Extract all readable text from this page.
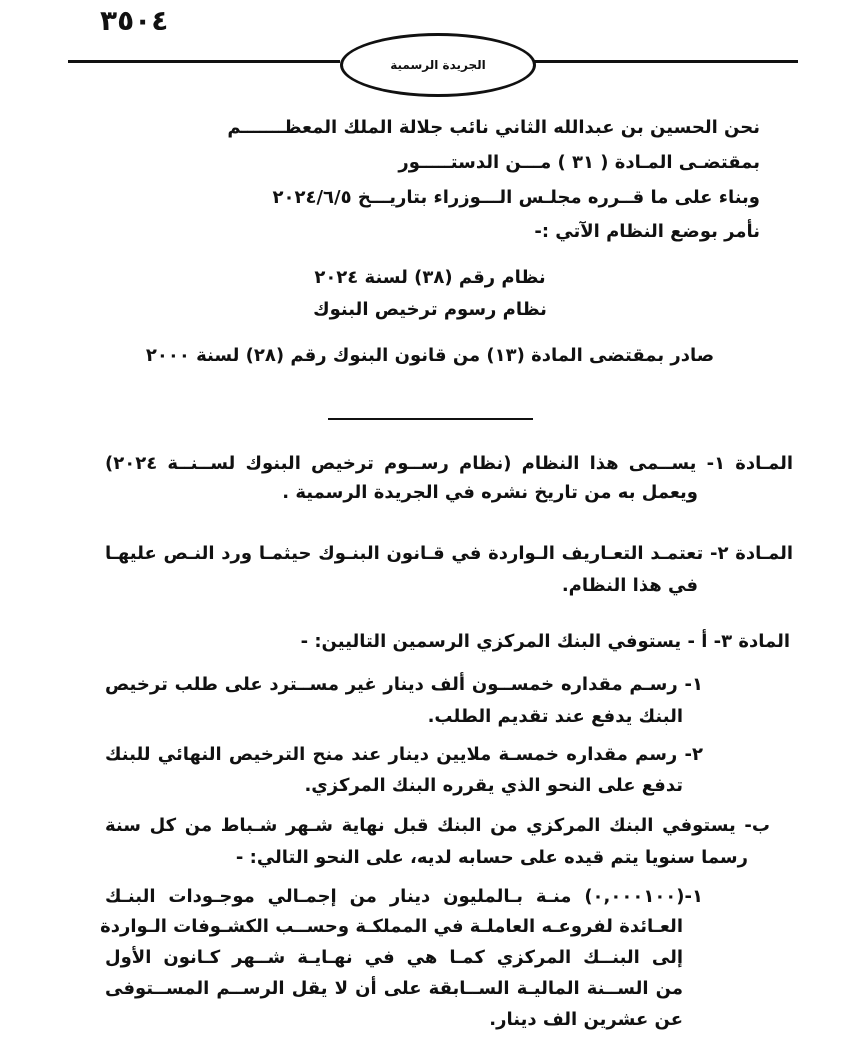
٣٥٠٤
الجريدة الرسمية
نحن الحسين بن عبدالله الثاني نائب جلالة الملك المعظـــــــم
بمقتضـى المـادة ( ٣١ ) مـــن الدستـــــور
وبناء على ما قــرره مجلـس الـــوزراء بتاريـــخ ٢٠٢٤/٦/٥
نأمر بوضع النظام الآتي :-
نظام رقم (٣٨) لسنة ٢٠٢٤
نظام رسوم ترخيص البنوك
صادر بمقتضى المادة (١٣) من قانون البنوك رقم (٢٨) لسنة ٢٠٠٠
المـادة ١- يســمى هذا النظام (نظام رســوم ترخيص البنوك لســنــة ٢٠٢٤)
ويعمل به من تاريخ نشره في الجريدة الرسمية .
المـادة ٢- تعتمـد التعـاريف الـواردة في قـانون البنـوك حيثمـا ورد النـص عليهـا
في هذا النظام.
المادة ٣- أ - يستوفي البنك المركزي الرسمين التاليين: -
١- رسـم مقداره خمســون ألف دينار غير مســترد على طلب ترخيص
البنك يدفع عند تقديم الطلب.
٢- رسم مقداره خمسـة ملايين دينار عند منح الترخيص النهائي للبنك
تدفع على النحو الذي يقرره البنك المركزي.
ب- يستوفي البنك المركزي من البنك قبل نهاية شـهر شـباط من كل سنة
رسما سنويا يتم قيده على حسابه لديه، على النحو التالي: -
١-(٠,٠٠٠١٠٠) منـة بـالمليون دينار من إجمـالي موجـودات البنـك
العـائدة لفروعـه العاملـة في المملكـة وحســب الكشـوفات الـواردة
إلى البنــك المركزي كمـا هي في نهـايـة شــهر كـانون الأول
من الســنة الماليـة الســابقة على أن لا يقل الرســم المســتوفى
عن عشرين الف دينار.
